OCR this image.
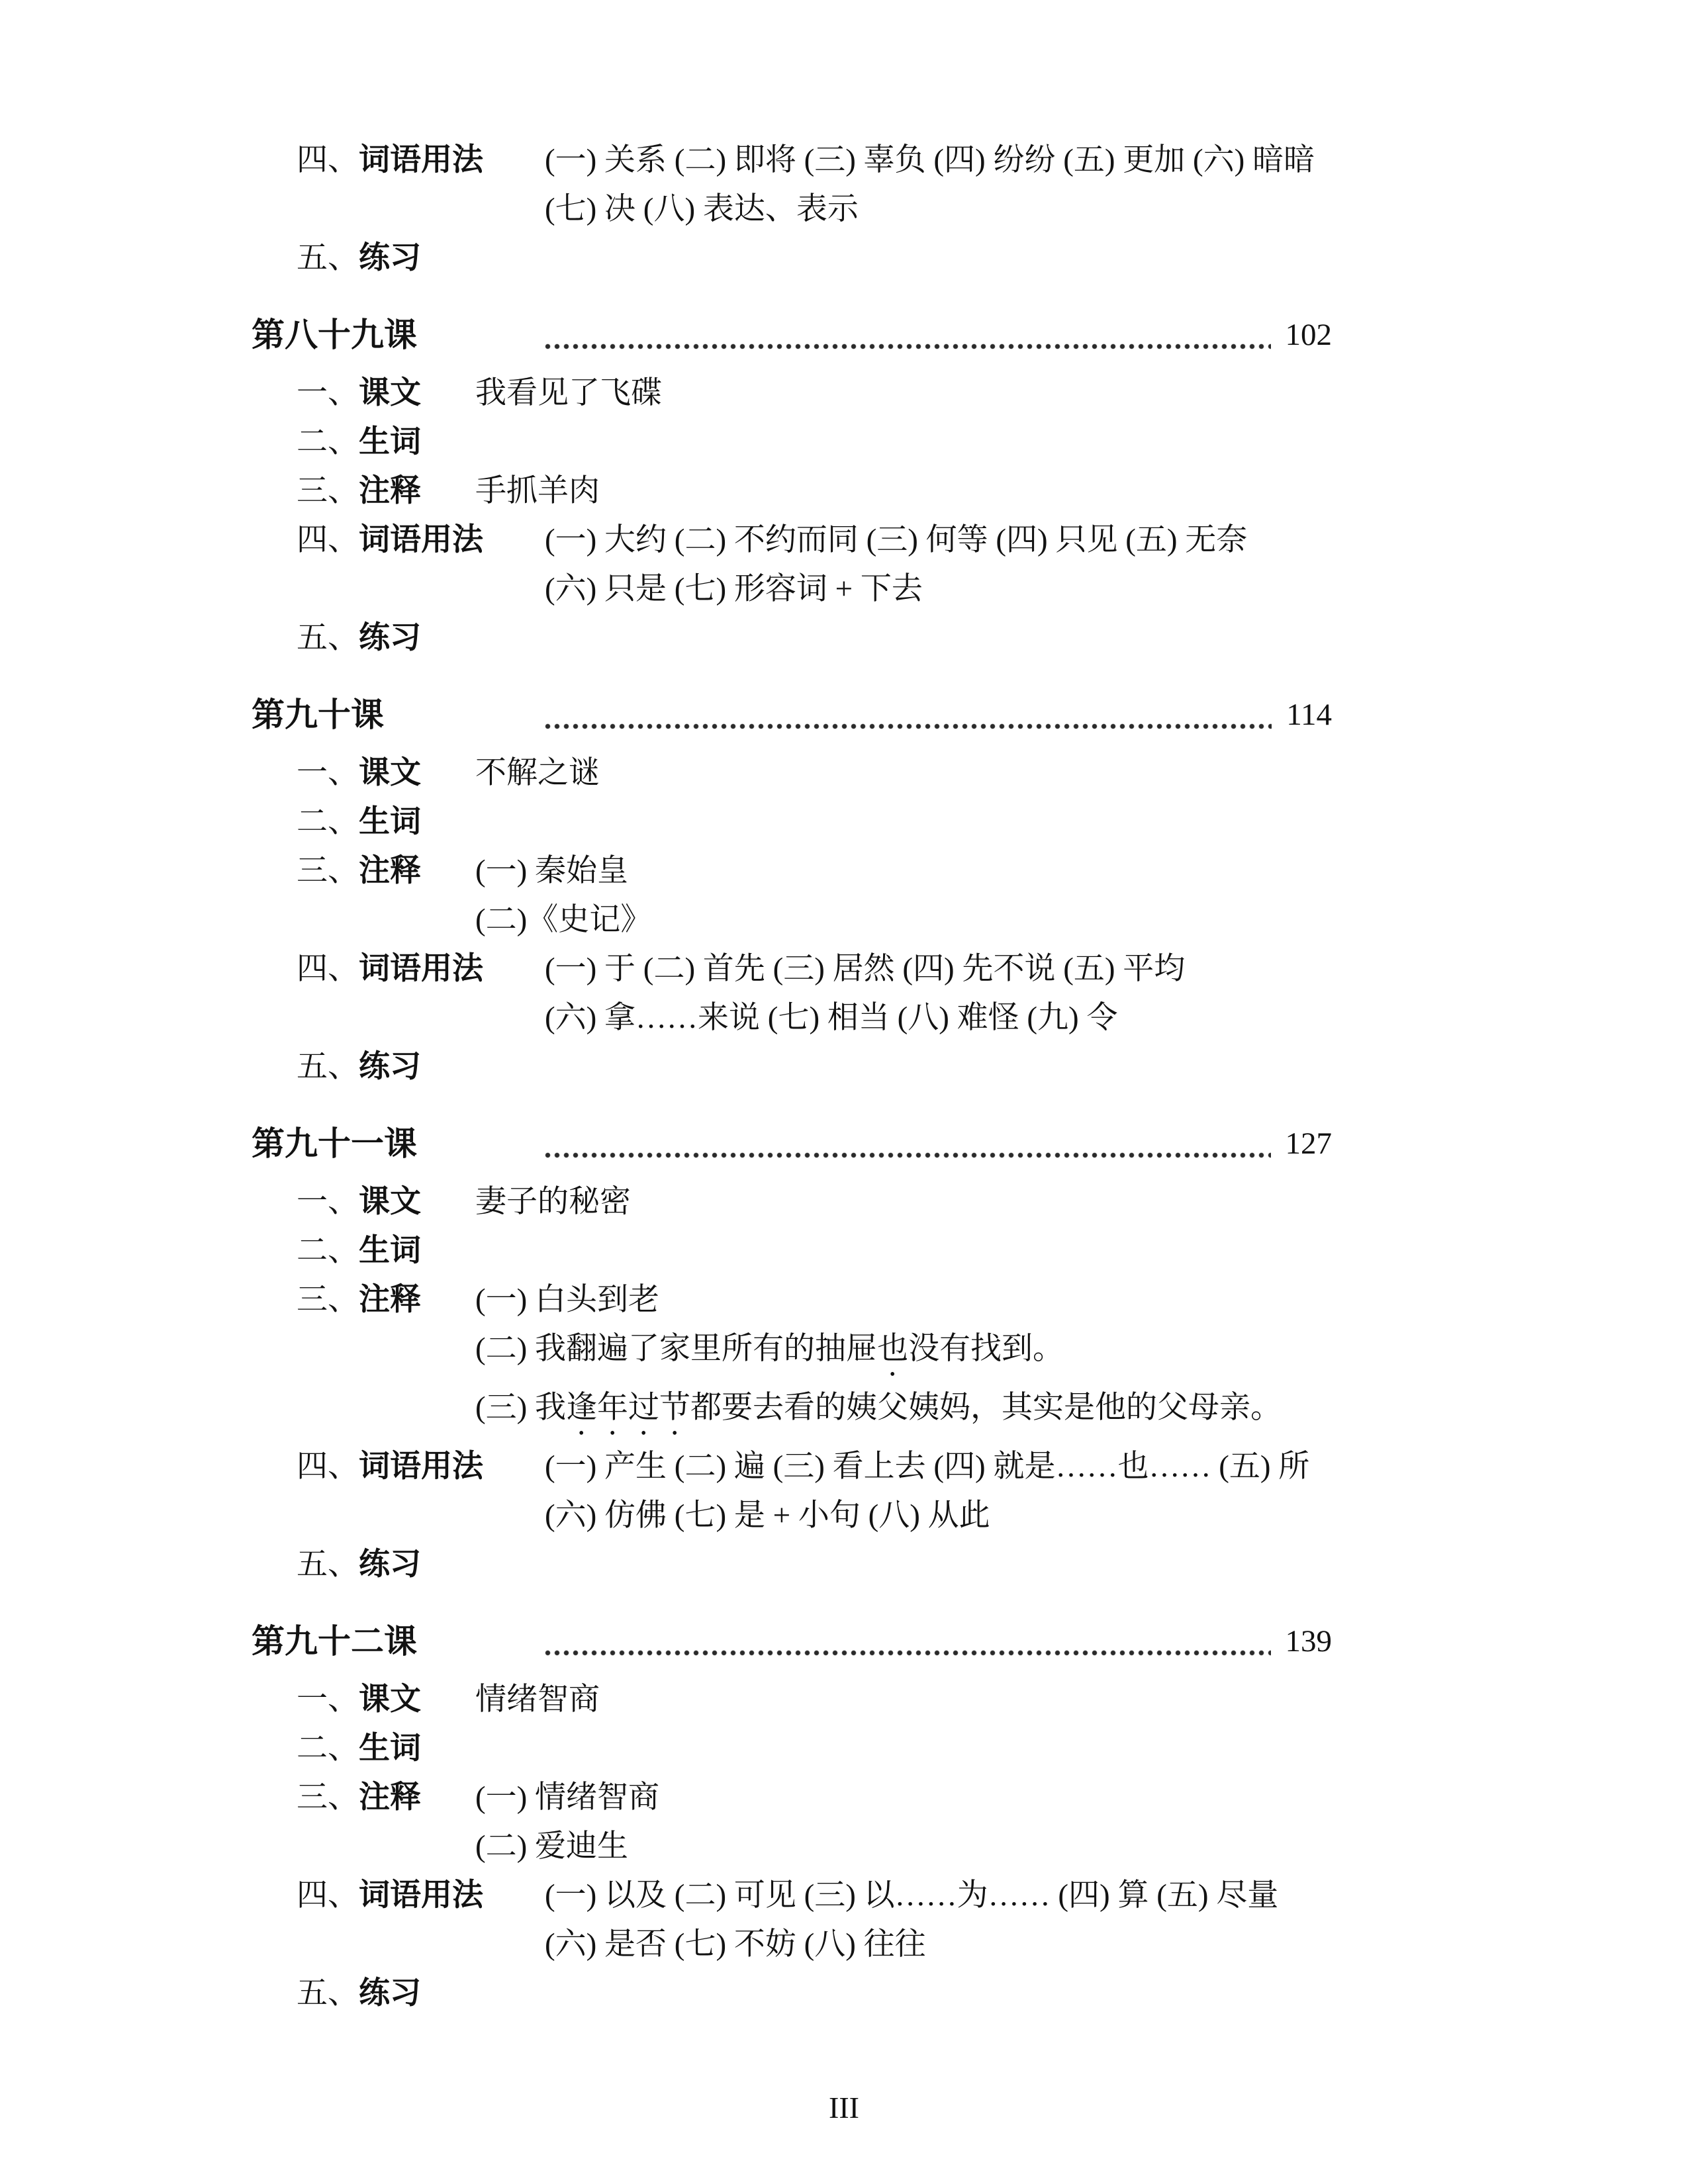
四、词语用法	(一) 关系 (二) 即将 (三) 辜负 (四) 纷纷 (五) 更加 (六) 暗暗
(七) 决 (八) 表达、表示
五、练习
第八十九课	102
一、课文	我看见了飞碟
二、生词
三、注释	手抓羊肉
四、词语用法	(一) 大约 (二) 不约而同 (三) 何等 (四) 只见 (五) 无奈
(六) 只是 (七) 形容词 + 下去
五、练习
第九十课	114
一、课文	不解之谜
二、生词
三、注释	(一) 秦始皇
(二)《史记》
四、词语用法	(一) 于 (二) 首先 (三) 居然 (四) 先不说 (五) 平均
(六) 拿……来说 (七) 相当 (八) 难怪 (九) 令
五、练习
第九十一课	127
一、课文	妻子的秘密
二、生词
三、注释	(一) 白头到老
(二) 我翻遍了家里所有的抽屉也没有找到。
(三) 我逢年过节都要去看的姨父姨妈，其实是他的父母亲。
四、词语用法	(一) 产生 (二) 遍 (三) 看上去 (四) 就是……也…… (五) 所
(六) 仿佛 (七) 是 + 小句 (八) 从此
五、练习
第九十二课	139
一、课文	情绪智商
二、生词
三、注释	(一) 情绪智商
(二) 爱迪生
四、词语用法	(一) 以及 (二) 可见 (三) 以……为…… (四) 算 (五) 尽量
(六) 是否 (七) 不妨 (八) 往往
五、练习
III
